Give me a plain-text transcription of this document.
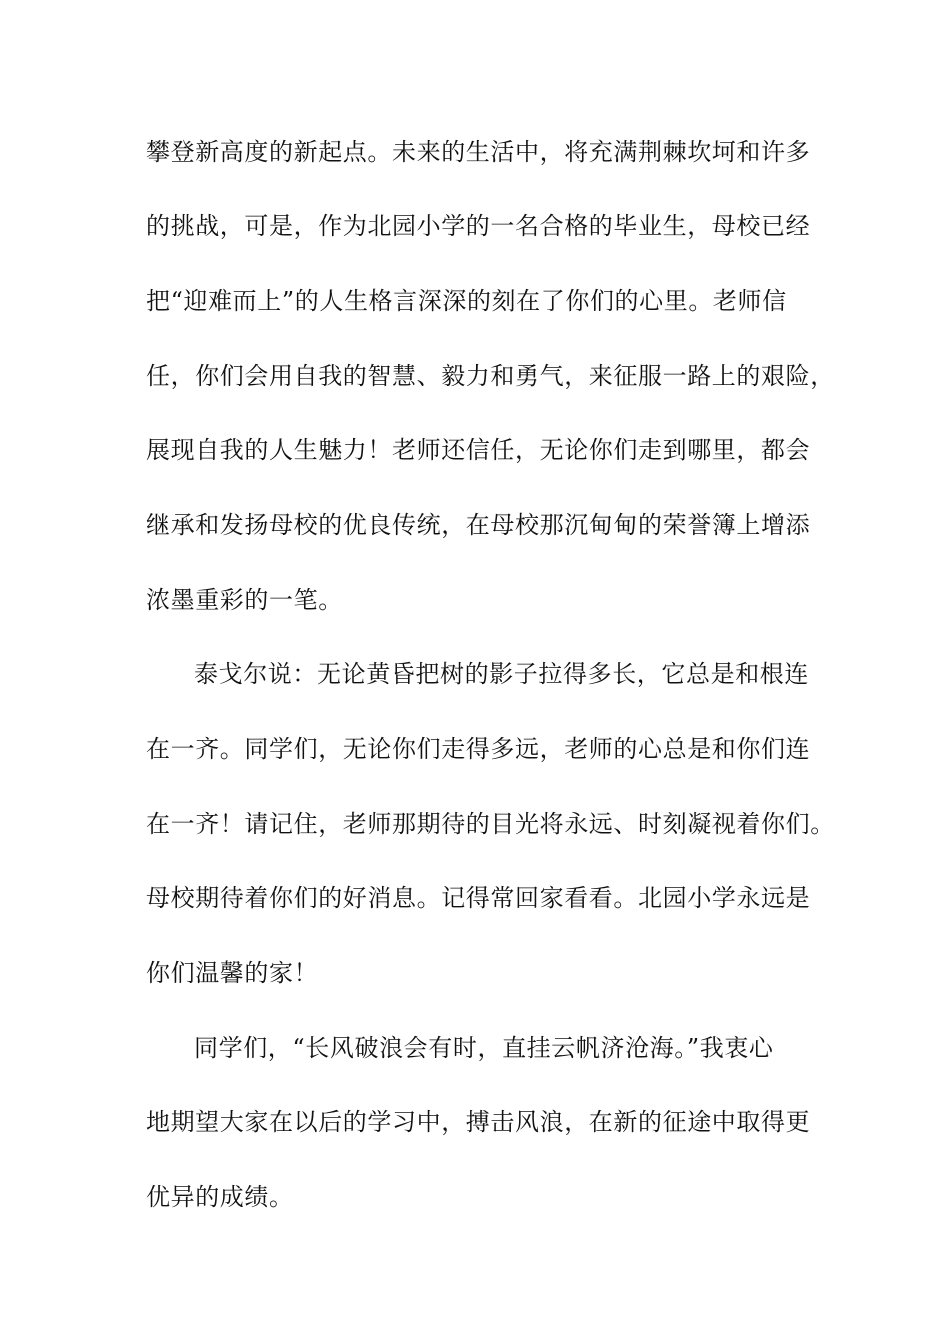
攀登新高度的新起点。未来的生活中，将充满荆棘坎坷和许多
的挑战，可是，作为北园小学的一名合格的毕业生，母校已经
把“迎难而上”的人生格言深深的刻在了你们的心里。老师信
任，你们会用自我的智慧、毅力和勇气，来征服一路上的艰险，
展现自我的人生魅力！老师还信任，无论你们走到哪里，都会
继承和发扬母校的优良传统，在母校那沉甸甸的荣誉簿上增添
浓墨重彩的一笔。
泰戈尔说：无论黄昏把树的影子拉得多长，它总是和根连
在一齐。同学们，无论你们走得多远，老师的心总是和你们连
在一齐！请记住，老师那期待的目光将永远、时刻凝视着你们。
母校期待着你们的好消息。记得常回家看看。北园小学永远是
你们温馨的家！
同学们，“长风破浪会有时，直挂云帆济沧海。”我衷心
地期望大家在以后的学习中，搏击风浪，在新的征途中取得更
优异的成绩。
